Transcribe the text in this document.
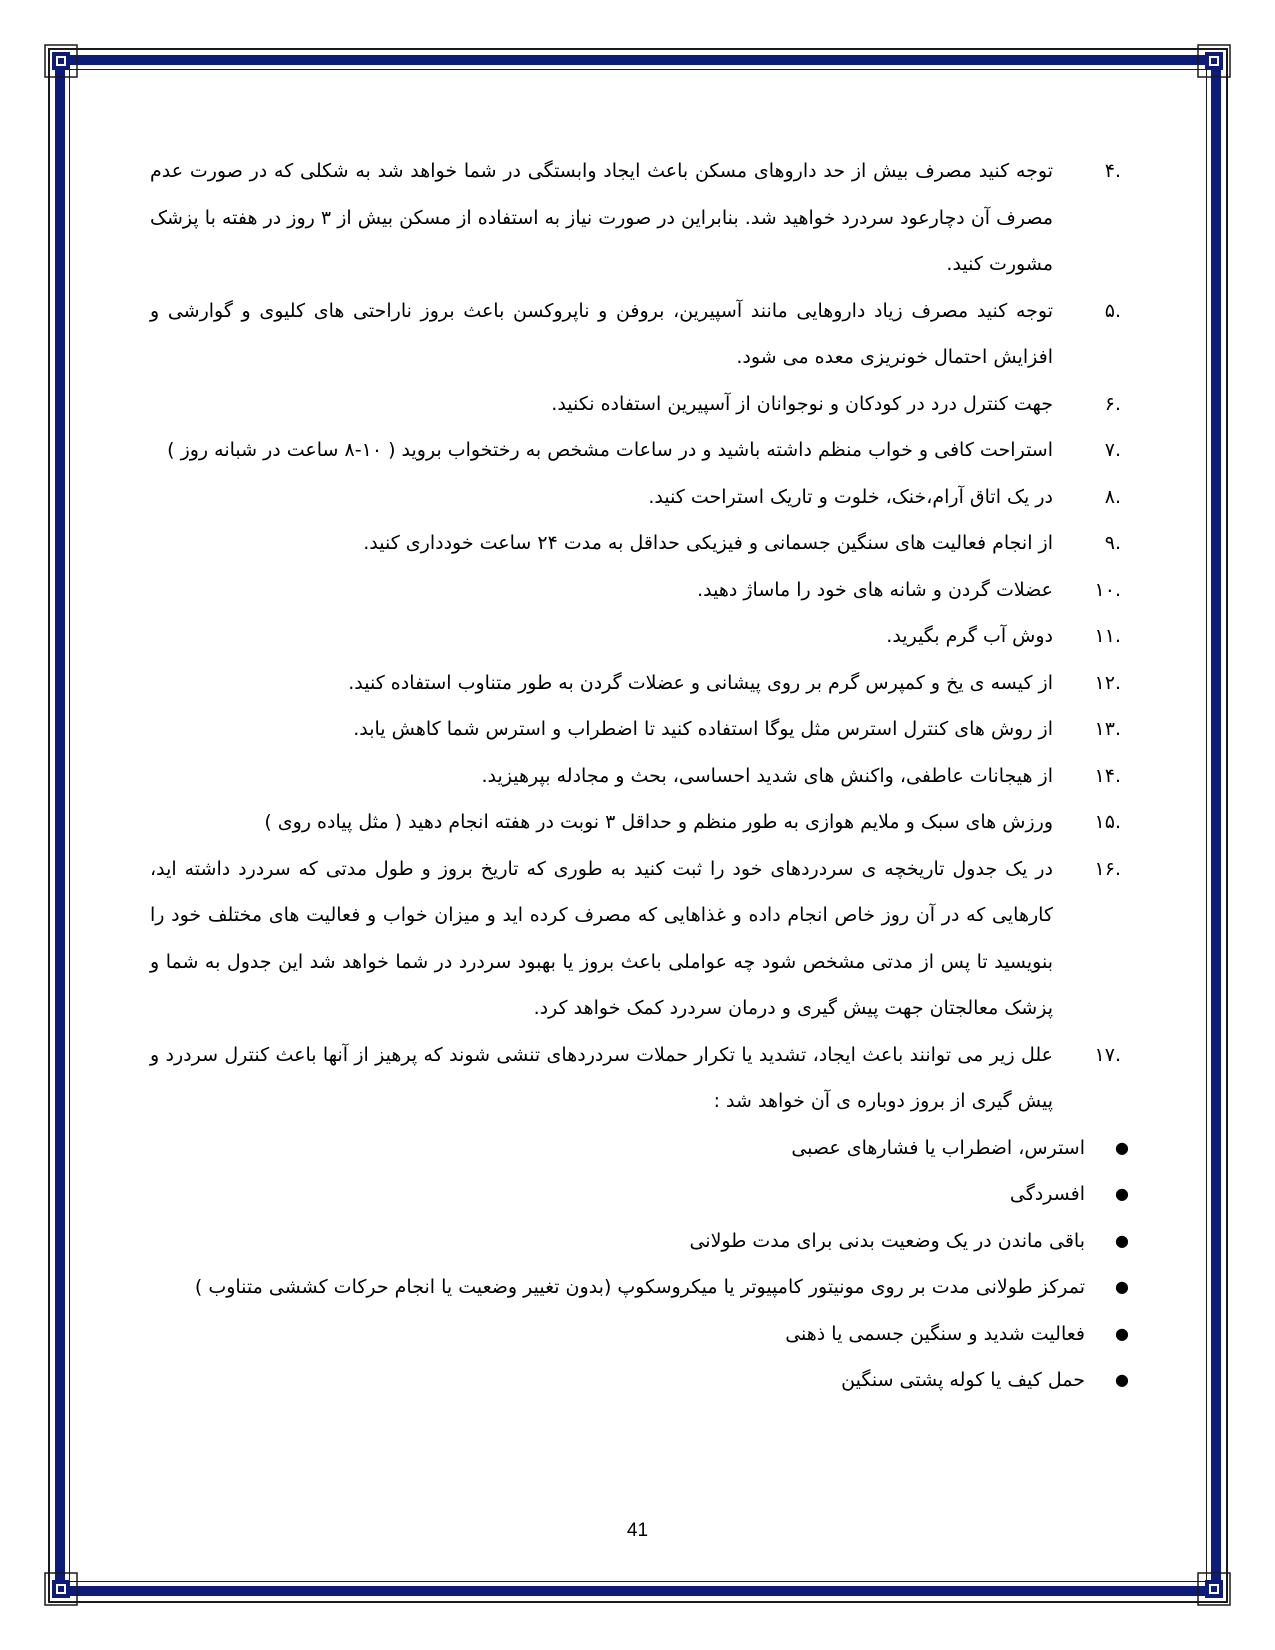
.۴
توجه کنید مصرف بیش از حد داروهای مسکن باعث ایجاد وابستگی در شما خواهد شد به شکلی که در صورت عدم مصرف آن دچارعود سردرد خواهید شد. بنابراین در صورت نیاز به استفاده از مسکن بیش از ۳ روز در هفته با پزشک مشورت کنید.
.۵
توجه کنید مصرف زیاد داروهایی مانند آسپیرین، بروفن و ناپروکسن باعث بروز ناراحتی های کلیوی و گوارشی و افزایش احتمال خونریزی معده می شود.
.۶
جهت کنترل درد در کودکان و نوجوانان از آسپیرین استفاده نکنید.
.۷
استراحت کافی و خواب منظم داشته باشید و در ساعات مشخص به رختخواب بروید ( ۱۰-۸ ساعت در شبانه روز )
.۸
در یک اتاق آرام،خنک، خلوت و تاریک استراحت کنید.
.۹
از انجام فعالیت های سنگین جسمانی و فیزیکی حداقل به مدت ۲۴ ساعت خودداری کنید.
.۱۰
عضلات گردن و شانه های خود را ماساژ دهید.
.۱۱
دوش آب گرم بگیرید.
.۱۲
از کیسه ی یخ و کمپرس گرم بر روی پیشانی و عضلات گردن به طور متناوب استفاده کنید.
.۱۳
از روش های کنترل استرس مثل یوگا استفاده کنید تا اضطراب و استرس شما کاهش یابد.
.۱۴
از هیجانات عاطفی، واکنش های شدید احساسی، بحث و مجادله بپرهیزید.
.۱۵
ورزش های سبک و ملایم هوازی به طور منظم و حداقل ۳ نوبت در هفته انجام دهید ( مثل پیاده روی )
.۱۶
در یک جدول تاریخچه ی سردردهای خود را ثبت کنید به طوری که تاریخ بروز و طول مدتی که سردرد داشته اید، کارهایی که در آن روز خاص انجام داده و غذاهایی که مصرف کرده اید و میزان خواب و فعالیت های مختلف خود را بنویسید تا پس از مدتی مشخص شود چه عواملی باعث بروز یا بهبود سردرد در شما خواهد شد این جدول به شما و پزشک معالجتان جهت پیش گیری و درمان سردرد کمک خواهد کرد.
.۱۷
علل زیر می توانند باعث ایجاد، تشدید یا تکرار حملات سردردهای تنشی شوند که پرهیز از آنها باعث کنترل سردرد و پیش گیری از بروز دوباره ی آن خواهد شد :
●
استرس، اضطراب یا فشارهای عصبی
●
افسردگی
●
باقی ماندن در یک وضعیت بدنی برای مدت طولانی
●
تمرکز طولانی مدت بر روی مونیتور کامپیوتر یا میکروسکوپ (بدون تغییر وضعیت یا انجام حرکات کششی متناوب )
●
فعالیت شدید و سنگین جسمی یا ذهنی
●
حمل کیف یا کوله پشتی سنگین
41
